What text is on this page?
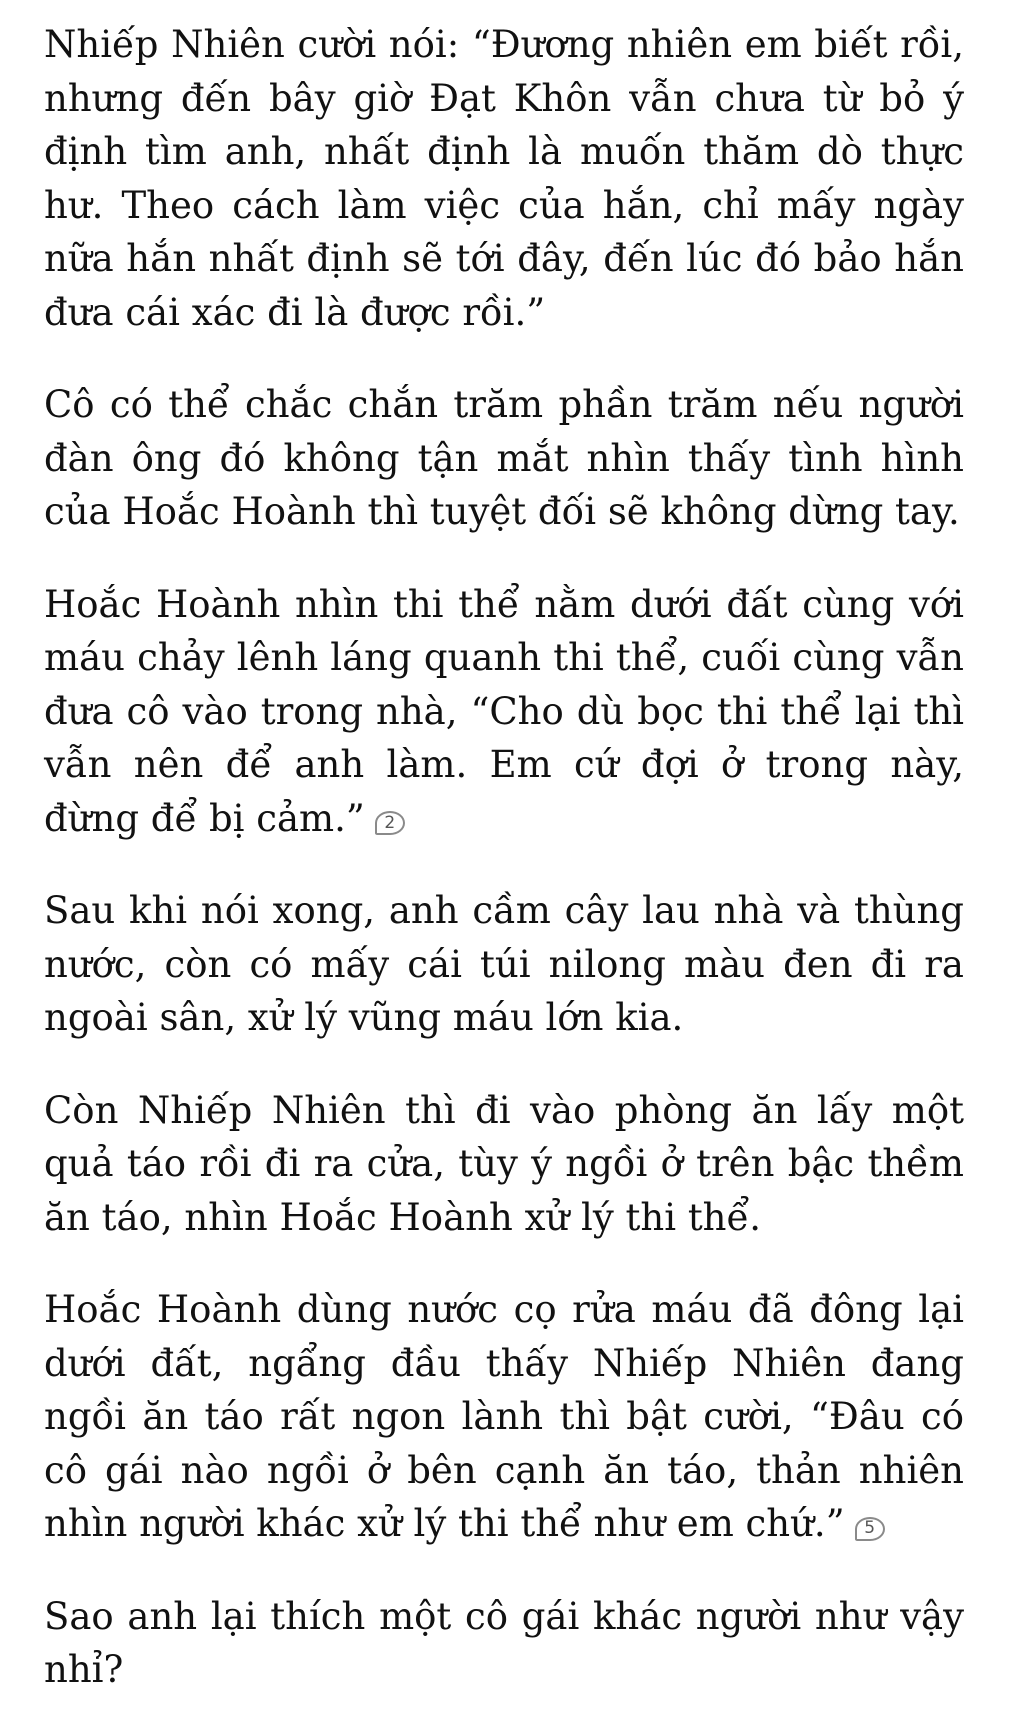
Nhiếp Nhiên cười nói: “Đương nhiên em biết rồi, nhưng đến bây giờ Đạt Khôn vẫn chưa từ bỏ ý định tìm anh, nhất định là muốn thăm dò thực hư. Theo cách làm việc của hắn, chỉ mấy ngày nữa hắn nhất định sẽ tới đây, đến lúc đó bảo hắn đưa cái xác đi là được rồi.”

Cô có thể chắc chắn trăm phần trăm nếu người đàn ông đó không tận mắt nhìn thấy tình hình của Hoắc Hoành thì tuyệt đối sẽ không dừng tay.

Hoắc Hoành nhìn thi thể nằm dưới đất cùng với máu chảy lênh láng quanh thi thể, cuối cùng vẫn đưa cô vào trong nhà, “Cho dù bọc thi thể lại thì vẫn nên để anh làm. Em cứ đợi ở trong này, đừng để bị cảm.” 2

Sau khi nói xong, anh cầm cây lau nhà và thùng nước, còn có mấy cái túi nilong màu đen đi ra ngoài sân, xử lý vũng máu lớn kia.

Còn Nhiếp Nhiên thì đi vào phòng ăn lấy một quả táo rồi đi ra cửa, tùy ý ngồi ở trên bậc thềm ăn táo, nhìn Hoắc Hoành xử lý thi thể.

Hoắc Hoành dùng nước cọ rửa máu đã đông lại dưới đất, ngẩng đầu thấy Nhiếp Nhiên đang ngồi ăn táo rất ngon lành thì bật cười, “Đâu có cô gái nào ngồi ở bên cạnh ăn táo, thản nhiên nhìn người khác xử lý thi thể như em chứ.” 5

Sao anh lại thích một cô gái khác người như vậy nhỉ?
